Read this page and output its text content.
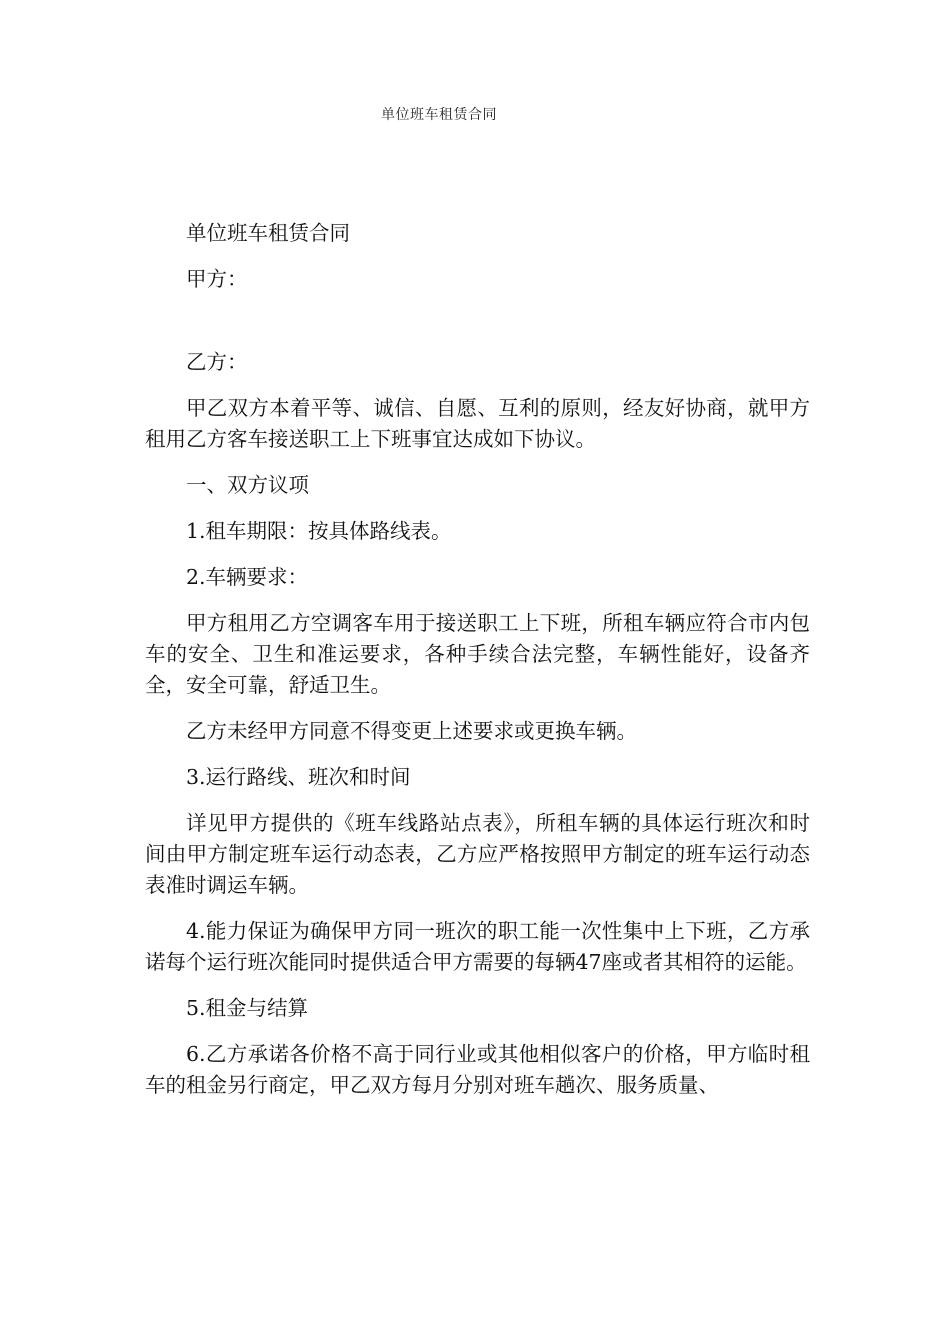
单位班车租赁合同

单位班车租赁合同

甲方：

乙方：

甲乙双方本着平等、诚信、自愿、互利的原则，经友好协商，就甲方租用乙方客车接送职工上下班事宜达成如下协议。

一、双方议项

1.租车期限：按具体路线表。

2.车辆要求：

甲方租用乙方空调客车用于接送职工上下班，所租车辆应符合市内包车的安全、卫生和准运要求，各种手续合法完整，车辆性能好，设备齐全，安全可靠，舒适卫生。

乙方未经甲方同意不得变更上述要求或更换车辆。

3.运行路线、班次和时间

详见甲方提供的《班车线路站点表》，所租车辆的具体运行班次和时间由甲方制定班车运行动态表，乙方应严格按照甲方制定的班车运行动态表准时调运车辆。

4.能力保证为确保甲方同一班次的职工能一次性集中上下班，乙方承诺每个运行班次能同时提供适合甲方需要的每辆47座或者其相符的运能。

5.租金与结算

6.乙方承诺各价格不高于同行业或其他相似客户的价格，甲方临时租车的租金另行商定，甲乙双方每月分别对班车趟次、服务质量、
